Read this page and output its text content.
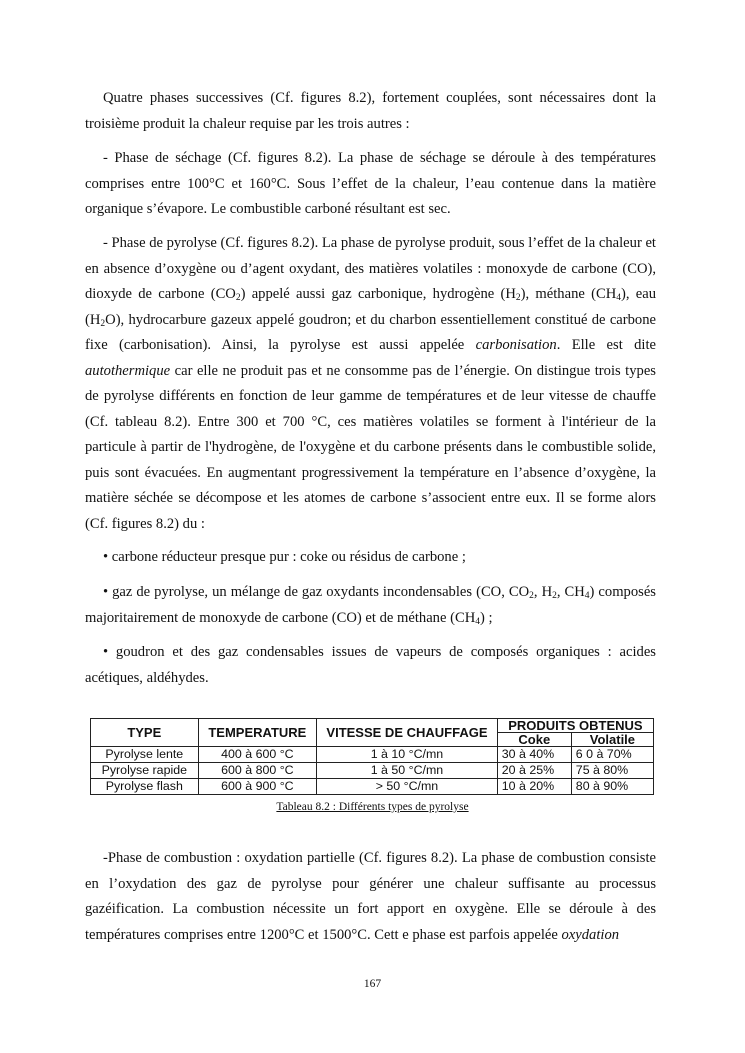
Quatre phases successives (Cf. figures 8.2), fortement couplées, sont nécessaires dont la troisième produit la chaleur requise par les trois autres :

- Phase de séchage (Cf. figures 8.2). La phase de séchage se déroule à des températures comprises entre 100°C et 160°C. Sous l’effet de la chaleur, l’eau contenue dans la matière organique s’évapore. Le combustible carboné résultant est sec.

- Phase de pyrolyse (Cf. figures 8.2). La phase de pyrolyse produit, sous l’effet de la chaleur et en absence d’oxygène ou d’agent oxydant, des matières volatiles : monoxyde de carbone (CO), dioxyde de carbone $(CO_2)$ appelé aussi gaz carbonique, hydrogène $(H_2)$, méthane $(CH_4)$, eau $(H_2O)$, hydrocarbure gazeux appelé goudron; et du charbon essentiellement constitué de carbone fixe (carbonisation). Ainsi, la pyrolyse est aussi appelée carbonisation. Elle est dite autothermique car elle ne produit pas et ne consomme pas de l’énergie. On distingue trois types de pyrolyse différents en fonction de leur gamme de températures et de leur vitesse de chauffe (Cf. tableau 8.2). Entre 300 et 700 °C, ces matières volatiles se forment à l'intérieur de la particule à partir de l'hydrogène, de l'oxygène et du carbone présents dans le combustible solide, puis sont évacuées. En augmentant progressivement la température en l’absence d’oxygène, la matière séchée se décompose et les atomes de carbone s’associent entre eux. Il se forme alors (Cf. figures 8.2) du :

• carbone réducteur presque pur : coke ou résidus de carbone ;

• gaz de pyrolyse, un mélange de gaz oxydants incondensables (CO, $CO_2$, $H_2$, $CH_4$) composés majoritairement de monoxyde de carbone (CO) et de méthane $(CH_4)$ ;

• goudron et des gaz condensables issues de vapeurs de composés organiques : acides acétiques, aldéhydes.

TYPE	TEMPERATURE	VITESSE DE CHAUFFAGE	PRODUITS OBTENUS	
			Coke	Volatile
Pyrolyse lente	400 à 600 °C	1 à 10 °C/mn	30 à 40%	6 0 à 70%
Pyrolyse rapide	600 à 800 °C	1 à 50 °C/mn	20 à 25%	75 à 80%
Pyrolyse flash	600 à 900 °C	> 50 °C/mn	10 à 20%	80 à 90%
Tableau 8.2 : Différents types de pyrolyse

-Phase de combustion : oxydation partielle (Cf. figures 8.2). La phase de combustion consiste en l’oxydation des gaz de pyrolyse pour générer une chaleur suffisante au processus gazéification. La combustion nécessite un fort apport en oxygène. Elle se déroule à des températures comprises entre 1200°C et 1500°C. Cett e phase est parfois appelée oxydation

167
